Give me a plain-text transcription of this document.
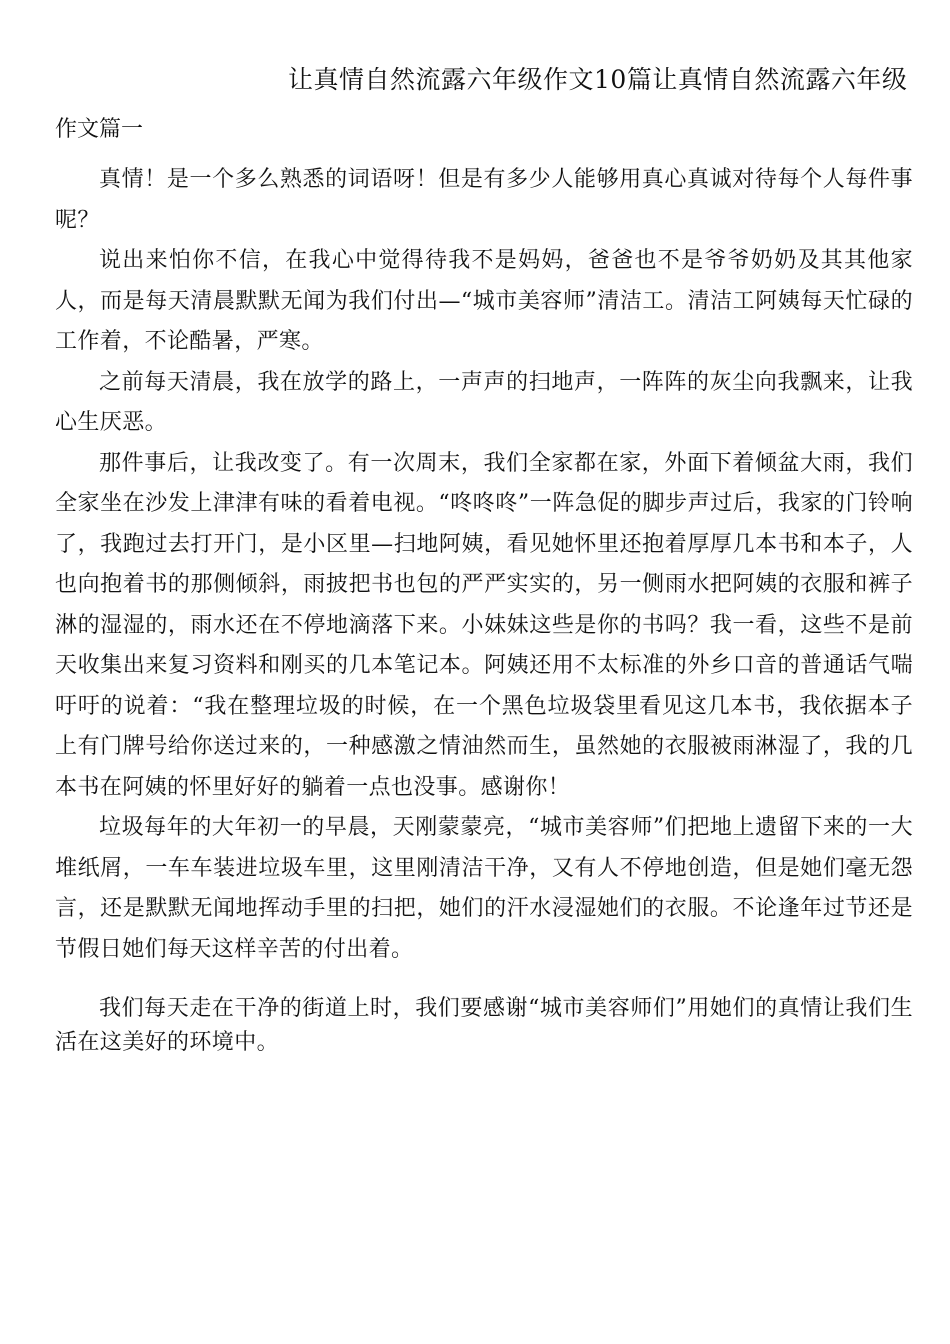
让真情自然流露六年级作文10篇让真情自然流露六年级
作文篇一

真情！是一个多么熟悉的词语呀！但是有多少人能够用真心真诚对待每个人每件事呢？

说出来怕你不信，在我心中觉得待我不是妈妈，爸爸也不是爷爷奶奶及其其他家人，而是每天清晨默默无闻为我们付出—“城市美容师”清洁工。清洁工阿姨每天忙碌的工作着，不论酷暑，严寒。

之前每天清晨，我在放学的路上，一声声的扫地声，一阵阵的灰尘向我飘来，让我心生厌恶。

那件事后，让我改变了。有一次周末，我们全家都在家，外面下着倾盆大雨，我们全家坐在沙发上津津有味的看着电视。“咚咚咚”一阵急促的脚步声过后，我家的门铃响了，我跑过去打开门，是小区里—扫地阿姨，看见她怀里还抱着厚厚几本书和本子，人也向抱着书的那侧倾斜，雨披把书也包的严严实实的，另一侧雨水把阿姨的衣服和裤子淋的湿湿的，雨水还在不停地滴落下来。小妹妹这些是你的书吗？我一看，这些不是前天收集出来复习资料和刚买的几本笔记本。阿姨还用不太标准的外乡口音的普通话气喘吁吁的说着：“我在整理垃圾的时候，在一个黑色垃圾袋里看见这几本书，我依据本子上有门牌号给你送过来的，一种感激之情油然而生，虽然她的衣服被雨淋湿了，我的几本书在阿姨的怀里好好的躺着一点也没事。感谢你！

垃圾每年的大年初一的早晨，天刚蒙蒙亮，“城市美容师”们把地上遗留下来的一大堆纸屑，一车车装进垃圾车里，这里刚清洁干净，又有人不停地创造，但是她们毫无怨言，还是默默无闻地挥动手里的扫把，她们的汗水浸湿她们的衣服。不论逢年过节还是节假日她们每天这样辛苦的付出着。

我们每天走在干净的街道上时，我们要感谢“城市美容师们”用她们的真情让我们生活在这美好的环境中。
